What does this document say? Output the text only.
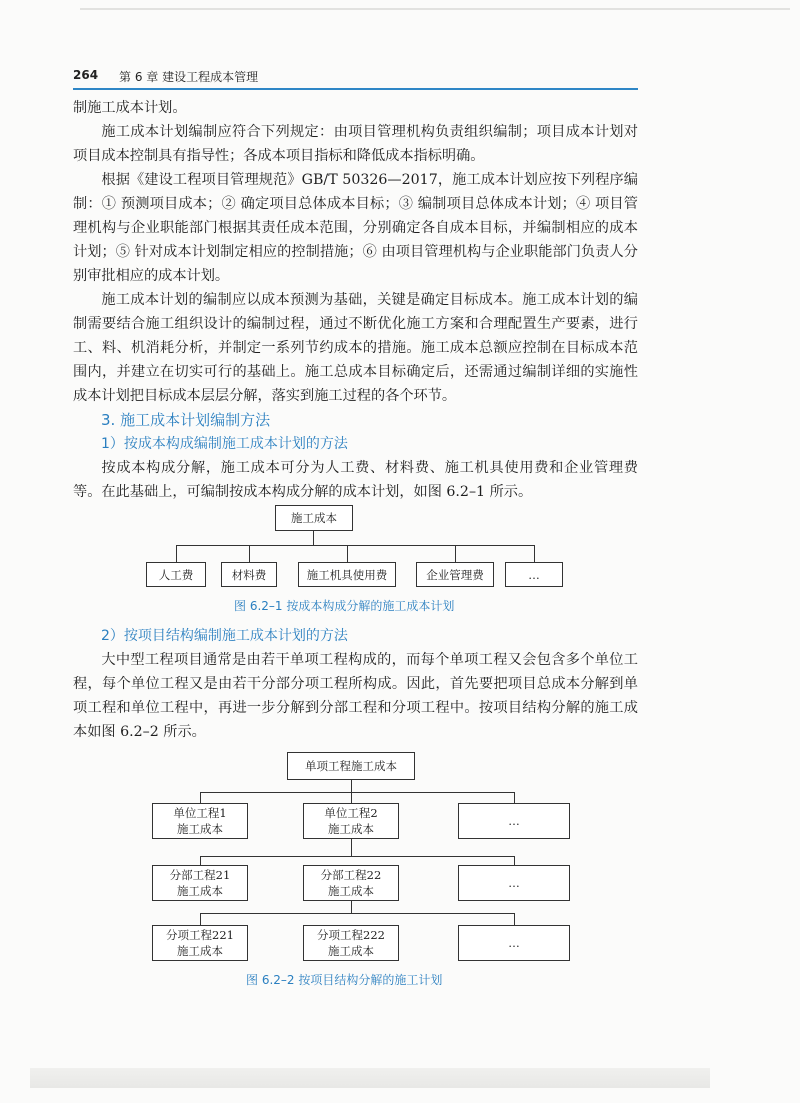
264 第 6 章 建设工程成本管理

制施工成本计划。

施工成本计划编制应符合下列规定：由项目管理机构负责组织编制；项目成本计划对项目成本控制具有指导性；各成本项目指标和降低成本指标明确。

根据《建设工程项目管理规范》GB/T 50326—2017，施工成本计划应按下列程序编制：① 预测项目成本；② 确定项目总体成本目标；③ 编制项目总体成本计划；④ 项目管理机构与企业职能部门根据其责任成本范围，分别确定各自成本目标，并编制相应的成本计划；⑤ 针对成本计划制定相应的控制措施；⑥ 由项目管理机构与企业职能部门负责人分别审批相应的成本计划。

施工成本计划的编制应以成本预测为基础，关键是确定目标成本。施工成本计划的编制需要结合施工组织设计的编制过程，通过不断优化施工方案和合理配置生产要素，进行工、料、机消耗分析，并制定一系列节约成本的措施。施工成本总额应控制在目标成本范围内，并建立在切实可行的基础上。施工总成本目标确定后，还需通过编制详细的实施性成本计划把目标成本层层分解，落实到施工过程的各个环节。

3. 施工成本计划编制方法
1）按成本构成编制施工成本计划的方法

按成本构成分解，施工成本可分为人工费、材料费、施工机具使用费和企业管理费等。在此基础上，可编制按成本构成分解的成本计划，如图 6.2–1 所示。

施工成本
人工费	材料费	施工机具使用费	企业管理费	…
图 6.2–1 按成本构成分解的施工成本计划
2）按项目结构编制施工成本计划的方法

大中型工程项目通常是由若干单项工程构成的，而每个单项工程又会包含多个单位工程，每个单位工程又是由若干分部分项工程所构成。因此，首先要把项目总成本分解到单项工程和单位工程中，再进一步分解到分部工程和分项工程中。按项目结构分解的施工成本如图 6.2–2 所示。

单项工程施工成本
单位工程1
施工成本
单位工程2
施工成本
…
分部工程21
施工成本
分部工程22
施工成本
…
分项工程221
施工成本
分项工程222
施工成本
…
图 6.2–2 按项目结构分解的施工计划
